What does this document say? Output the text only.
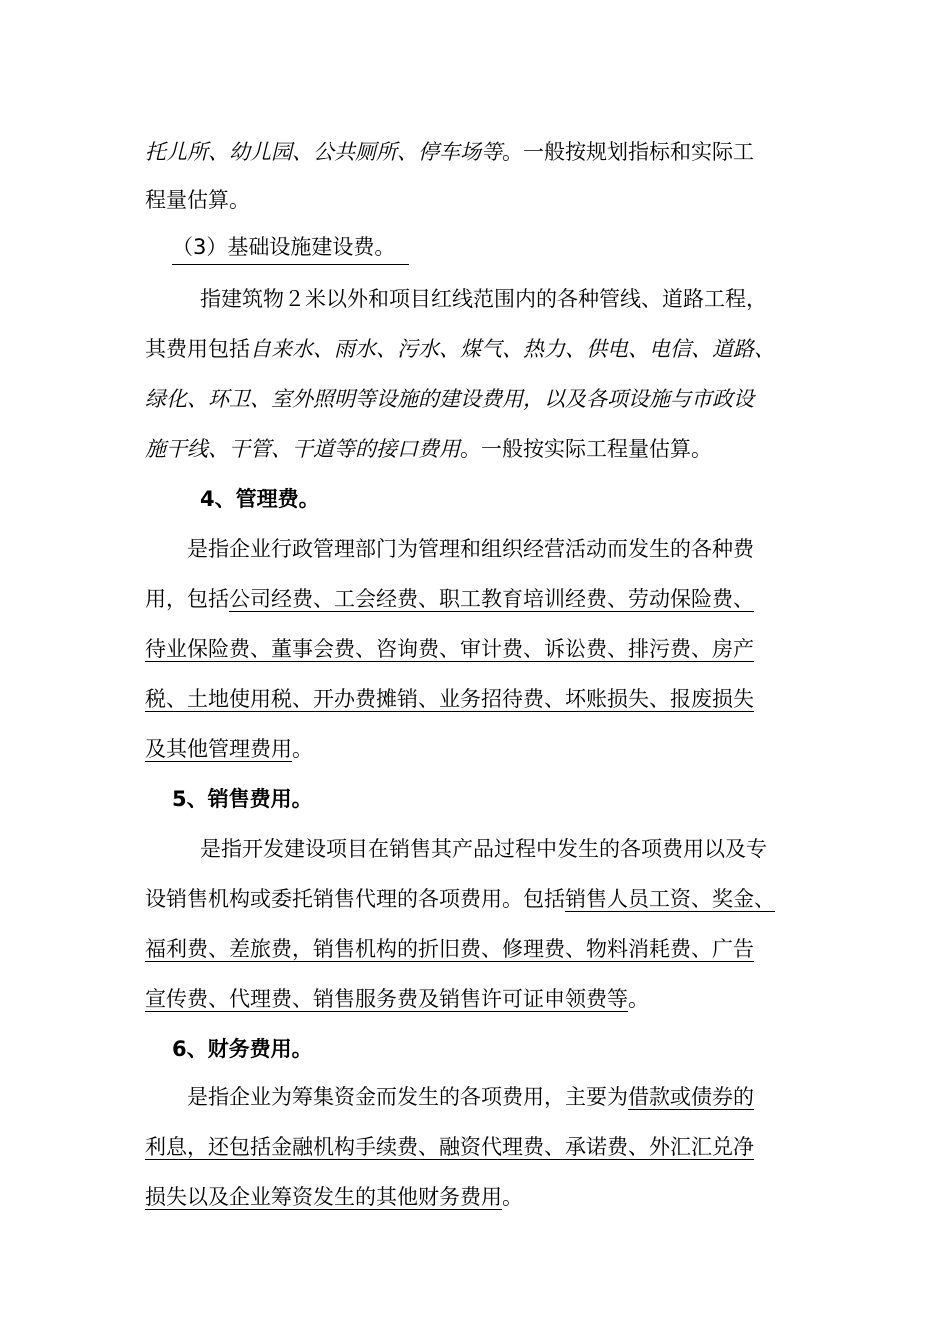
托儿所、幼儿园、公共厕所、停车场等。一般按规划指标和实际工

程量估算。

（3）基础设施建设费。

指建筑物２米以外和项目红线范围内的各种管线、道路工程，

其费用包括自来水、雨水、污水、煤气、热力、供电、电信、道路、

绿化、环卫、室外照明等设施的建设费用，以及各项设施与市政设

施干线、干管、干道等的接口费用。一般按实际工程量估算。

4、管理费。

是指企业行政管理部门为管理和组织经营活动而发生的各种费

用，包括公司经费、工会经费、职工教育培训经费、劳动保险费、

待业保险费、董事会费、咨询费、审计费、诉讼费、排污费、房产

税、土地使用税、开办费摊销、业务招待费、坏账损失、报废损失

及其他管理费用。

5、销售费用。

是指开发建设项目在销售其产品过程中发生的各项费用以及专

设销售机构或委托销售代理的各项费用。包括销售人员工资、奖金、

福利费、差旅费，销售机构的折旧费、修理费、物料消耗费、广告

宣传费、代理费、销售服务费及销售许可证申领费等。

6、财务费用。

是指企业为筹集资金而发生的各项费用，主要为借款或债券的

利息，还包括金融机构手续费、融资代理费、承诺费、外汇汇兑净

损失以及企业筹资发生的其他财务费用。
